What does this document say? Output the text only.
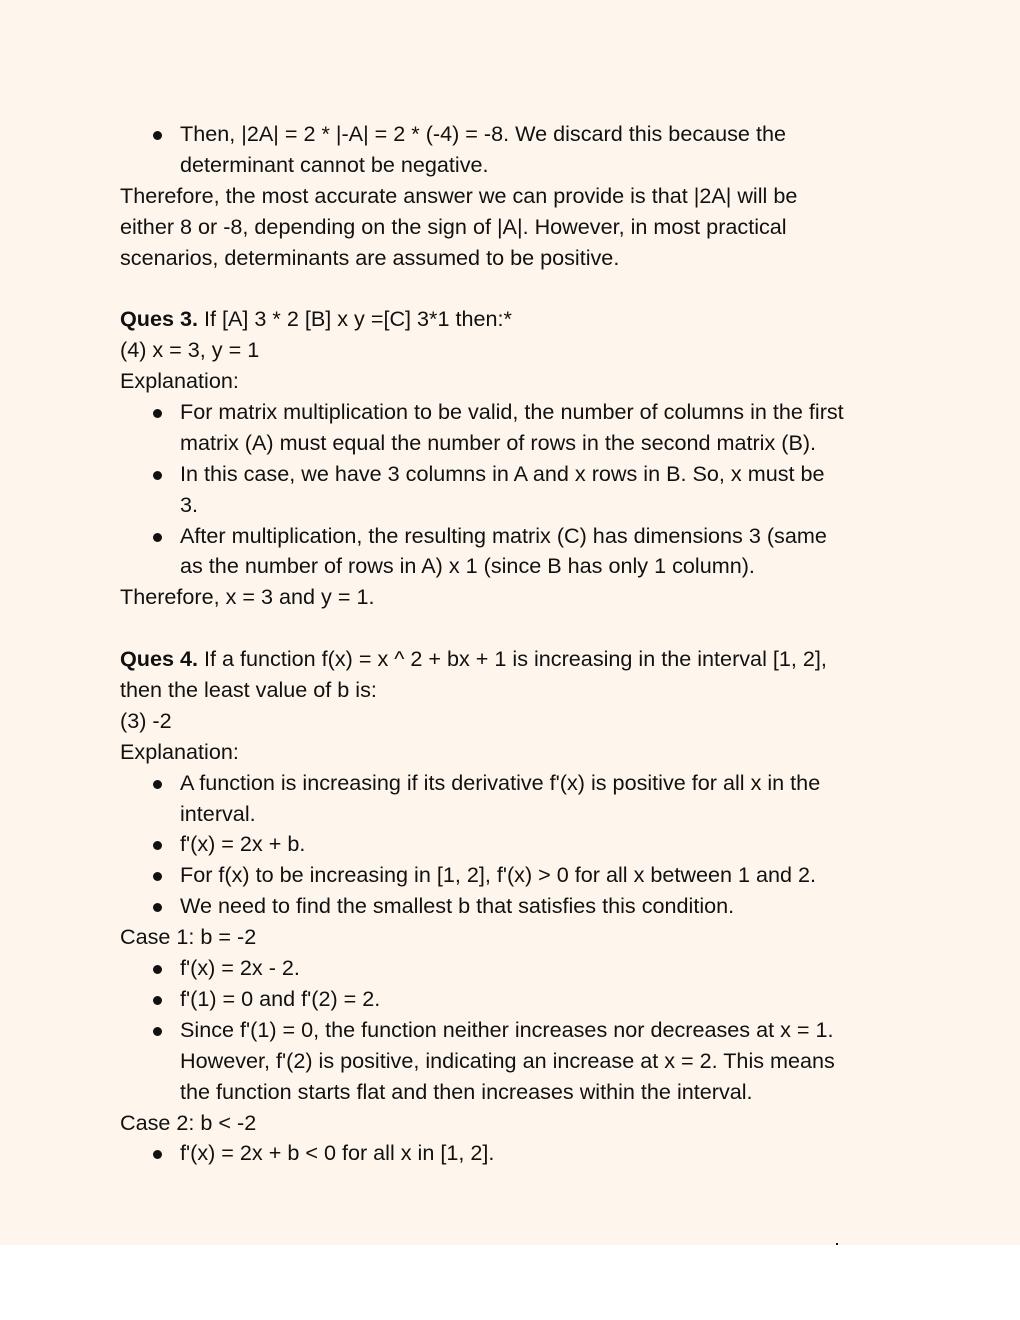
Then, |2A| = 2 * |-A| = 2 * (-4) = -8. We discard this because the
determinant cannot be negative.
Therefore, the most accurate answer we can provide is that |2A| will be
either 8 or -8, depending on the sign of |A|. However, in most practical
scenarios, determinants are assumed to be positive.
Ques 3. If [A] 3 * 2 [B] x y =[C] 3*1 then:*
(4) x = 3, y = 1
Explanation:
For matrix multiplication to be valid, the number of columns in the first
matrix (A) must equal the number of rows in the second matrix (B).
In this case, we have 3 columns in A and x rows in B. So, x must be
3.
After multiplication, the resulting matrix (C) has dimensions 3 (same
as the number of rows in A) x 1 (since B has only 1 column).
Therefore, x = 3 and y = 1.
Ques 4. If a function f(x) = x ^ 2 + bx + 1 is increasing in the interval [1, 2],
then the least value of b is:
(3) -2
Explanation:
A function is increasing if its derivative f'(x) is positive for all x in the
interval.
f'(x) = 2x + b.
For f(x) to be increasing in [1, 2], f'(x) > 0 for all x between 1 and 2.
We need to find the smallest b that satisfies this condition.
Case 1: b = -2
f'(x) = 2x - 2.
f'(1) = 0 and f'(2) = 2.
Since f'(1) = 0, the function neither increases nor decreases at x = 1.
However, f'(2) is positive, indicating an increase at x = 2. This means
the function starts flat and then increases within the interval.
Case 2: b < -2
f'(x) = 2x + b < 0 for all x in [1, 2].
